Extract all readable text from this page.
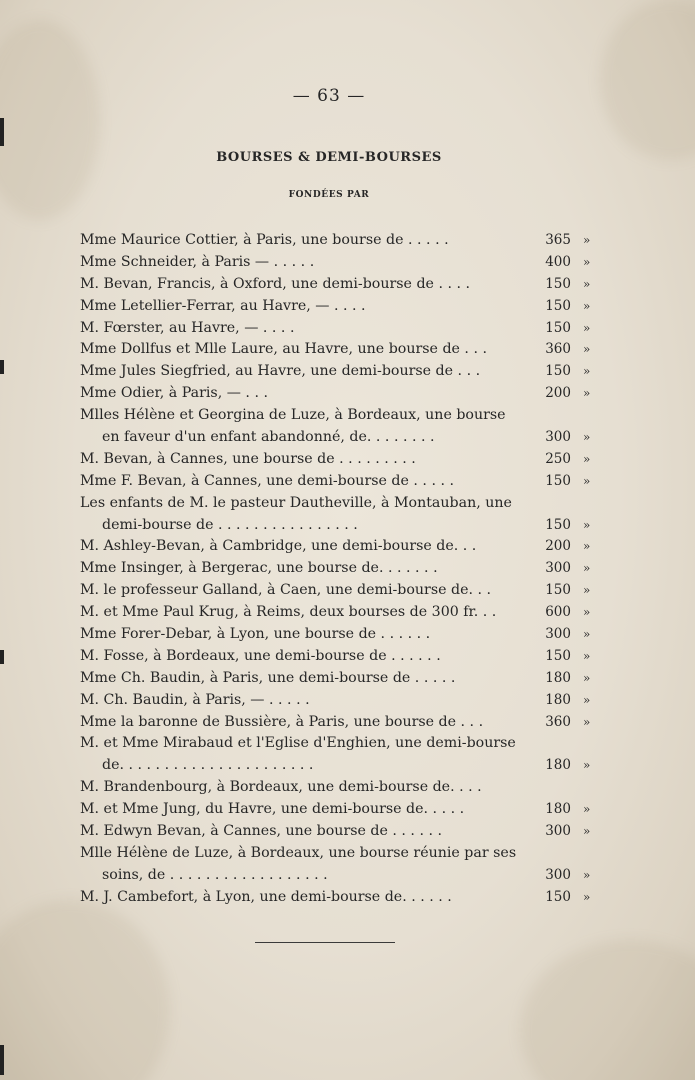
— 63 —
BOURSES & DEMI-BOURSES
FONDÉES PAR
Mme Maurice Cottier, à Paris, une bourse de . . . . .	365 »
Mme Schneider, à Paris — . . . . .	400 »
M. Bevan, Francis, à Oxford, une demi-bourse de . . . .	150 »
Mme Letellier-Ferrar, au Havre, — . . . .	150 »
M. Fœrster, au Havre, — . . . .	150 »
Mme Dollfus et Mlle Laure, au Havre, une bourse de . . .	360 »
Mme Jules Siegfried, au Havre, une demi-bourse de . . .	150 »
Mme Odier, à Paris, — . . .	200 »
Mlles Hélène et Georgina de Luze, à Bordeaux, une bourse
en faveur d'un enfant abandonné, de. . . . . . . .	300 »
M. Bevan, à Cannes, une bourse de . . . . . . . . .	250 »
Mme F. Bevan, à Cannes, une demi-bourse de . . . . .	150 »
Les enfants de M. le pasteur Dautheville, à Montauban, une
demi-bourse de . . . . . . . . . . . . . . . .	150 »
M. Ashley-Bevan, à Cambridge, une demi-bourse de. . .	200 »
Mme Insinger, à Bergerac, une bourse de. . . . . . .	300 »
M. le professeur Galland, à Caen, une demi-bourse de. . .	150 »
M. et Mme Paul Krug, à Reims, deux bourses de 300 fr. . .	600 »
Mme Forer-Debar, à Lyon, une bourse de . . . . . .	300 »
M. Fosse, à Bordeaux, une demi-bourse de . . . . . .	150 »
Mme Ch. Baudin, à Paris, une demi-bourse de . . . . .	180 »
M. Ch. Baudin, à Paris, — . . . . .	180 »
Mme la baronne de Bussière, à Paris, une bourse de . . .	360 »
M. et Mme Mirabaud et l'Eglise d'Enghien, une demi-bourse
de. . . . . . . . . . . . . . . . . . . . . .	180 »
M. Brandenbourg, à Bordeaux, une demi-bourse de. . . .
M. et Mme Jung, du Havre, une demi-bourse de. . . . .	180 »
M. Edwyn Bevan, à Cannes, une bourse de . . . . . .	300 »
Mlle Hélène de Luze, à Bordeaux, une bourse réunie par ses
soins, de . . . . . . . . . . . . . . . . . .	300 »
M. J. Cambefort, à Lyon, une demi-bourse de. . . . . .	150 »
